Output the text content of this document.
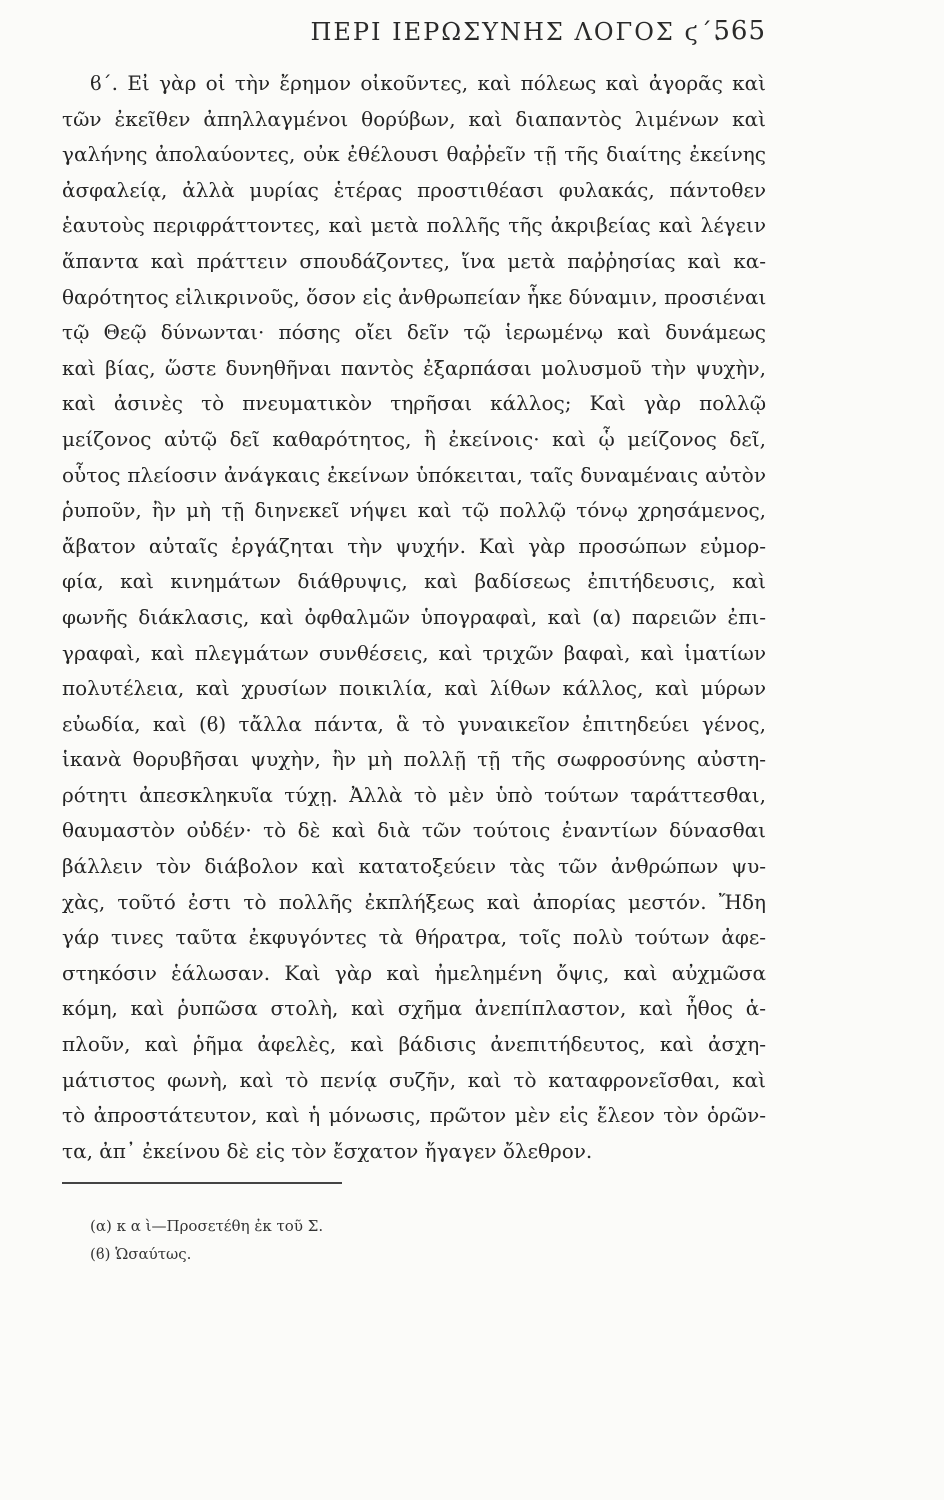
ΠΕΡΙ ΙΕΡΩΣΥΝΗΣ ΛΟΓΟΣ ϛ΄.
565
ϐ΄. Εἰ γὰρ οἱ τὴν ἔρημον οἰκοῦντες, καὶ πόλεως καὶ ἀγορᾶς καὶ
τῶν ἐκεῖθεν ἀπηλλαγμένοι θορύβων, καὶ διαπαντὸς λιμένων καὶ
γαλήνης ἀπολαύοντες, οὐκ ἐθέλουσι θαῤῥεῖν τῇ τῆς διαίτης ἐκείνης
ἀσφαλείᾳ, ἀλλὰ μυρίας ἑτέρας προστιθέασι φυλακάς, πάντοθεν
ἑαυτοὺς περιφράττοντες, καὶ μετὰ πολλῆς τῆς ἀκριβείας καὶ λέγειν
ἅπαντα καὶ πράττειν σπουδάζοντες, ἵνα μετὰ παῤῥησίας καὶ κα-
θαρότητος εἰλικρινοῦς, ὅσον εἰς ἀνθρωπείαν ἧκε δύναμιν, προσιέναι
τῷ Θεῷ δύνωνται· πόσης οἴει δεῖν τῷ ἱερωμένῳ καὶ δυνάμεως
καὶ βίας, ὥστε δυνηθῆναι παντὸς ἐξαρπάσαι μολυσμοῦ τὴν ψυχὴν,
καὶ ἀσινὲς τὸ πνευματικὸν τηρῆσαι κάλλος; Καὶ γὰρ πολλῷ
μείζονος αὐτῷ δεῖ καθαρότητος, ἢ ἐκείνοις· καὶ ᾧ μείζονος δεῖ,
οὗτος πλείοσιν ἀνάγκαις ἐκείνων ὑπόκειται, ταῖς δυναμέναις αὐτὸν
ῥυποῦν, ἢν μὴ τῇ διηνεκεῖ νήψει καὶ τῷ πολλῷ τόνῳ χρησάμενος,
ἄβατον αὐταῖς ἐργάζηται τὴν ψυχήν. Καὶ γὰρ προσώπων εὐμορ-
φία, καὶ κινημάτων διάθρυψις, καὶ βαδίσεως ἐπιτήδευσις, καὶ
φωνῆς διάκλασις, καὶ ὀφθαλμῶν ὑπογραφαὶ, καὶ (α) παρειῶν ἐπι-
γραφαὶ, καὶ πλεγμάτων συνθέσεις, καὶ τριχῶν βαφαὶ, καὶ ἱματίων
πολυτέλεια, καὶ χρυσίων ποικιλία, καὶ λίθων κάλλος, καὶ μύρων
εὐωδία, καὶ (ϐ) τἄλλα πάντα, ἃ τὸ γυναικεῖον ἐπιτηδεύει γένος,
ἱκανὰ θορυβῆσαι ψυχὴν, ἢν μὴ πολλῇ τῇ τῆς σωφροσύνης αὐστη-
ρότητι ἀπεσκληκυῖα τύχῃ. Ἀλλὰ τὸ μὲν ὑπὸ τούτων ταράττεσθαι,
θαυμαστὸν οὐδέν· τὸ δὲ καὶ διὰ τῶν τούτοις ἐναντίων δύνασθαι
βάλλειν τὸν διάβολον καὶ κατατοξεύειν τὰς τῶν ἀνθρώπων ψυ-
χὰς, τοῦτό ἐστι τὸ πολλῆς ἐκπλήξεως καὶ ἀπορίας μεστόν. Ἤδη
γάρ τινες ταῦτα ἐκφυγόντες τὰ θήρατρα, τοῖς πολὺ τούτων ἀφε-
στηκόσιν ἑάλωσαν. Καὶ γὰρ καὶ ἠμελημένη ὄψις, καὶ αὐχμῶσα
κόμη, καὶ ῥυπῶσα στολὴ, καὶ σχῆμα ἀνεπίπλαστον, καὶ ἦθος ἁ-
πλοῦν, καὶ ῥῆμα ἀφελὲς, καὶ βάδισις ἀνεπιτήδευτος, καὶ ἀσχη-
μάτιστος φωνὴ, καὶ τὸ πενίᾳ συζῆν, καὶ τὸ καταφρονεῖσθαι, καὶ
τὸ ἀπροστάτευτον, καὶ ἡ μόνωσις, πρῶτον μὲν εἰς ἔλεον τὸν ὁρῶν-
τα, ἀπ᾿ ἐκείνου δὲ εἰς τὸν ἔσχατον ἤγαγεν ὄλεθρον.
(α) κ α ὶ—Προσετέθη ἐκ τοῦ Σ.
(ϐ) Ὡσαύτως.
